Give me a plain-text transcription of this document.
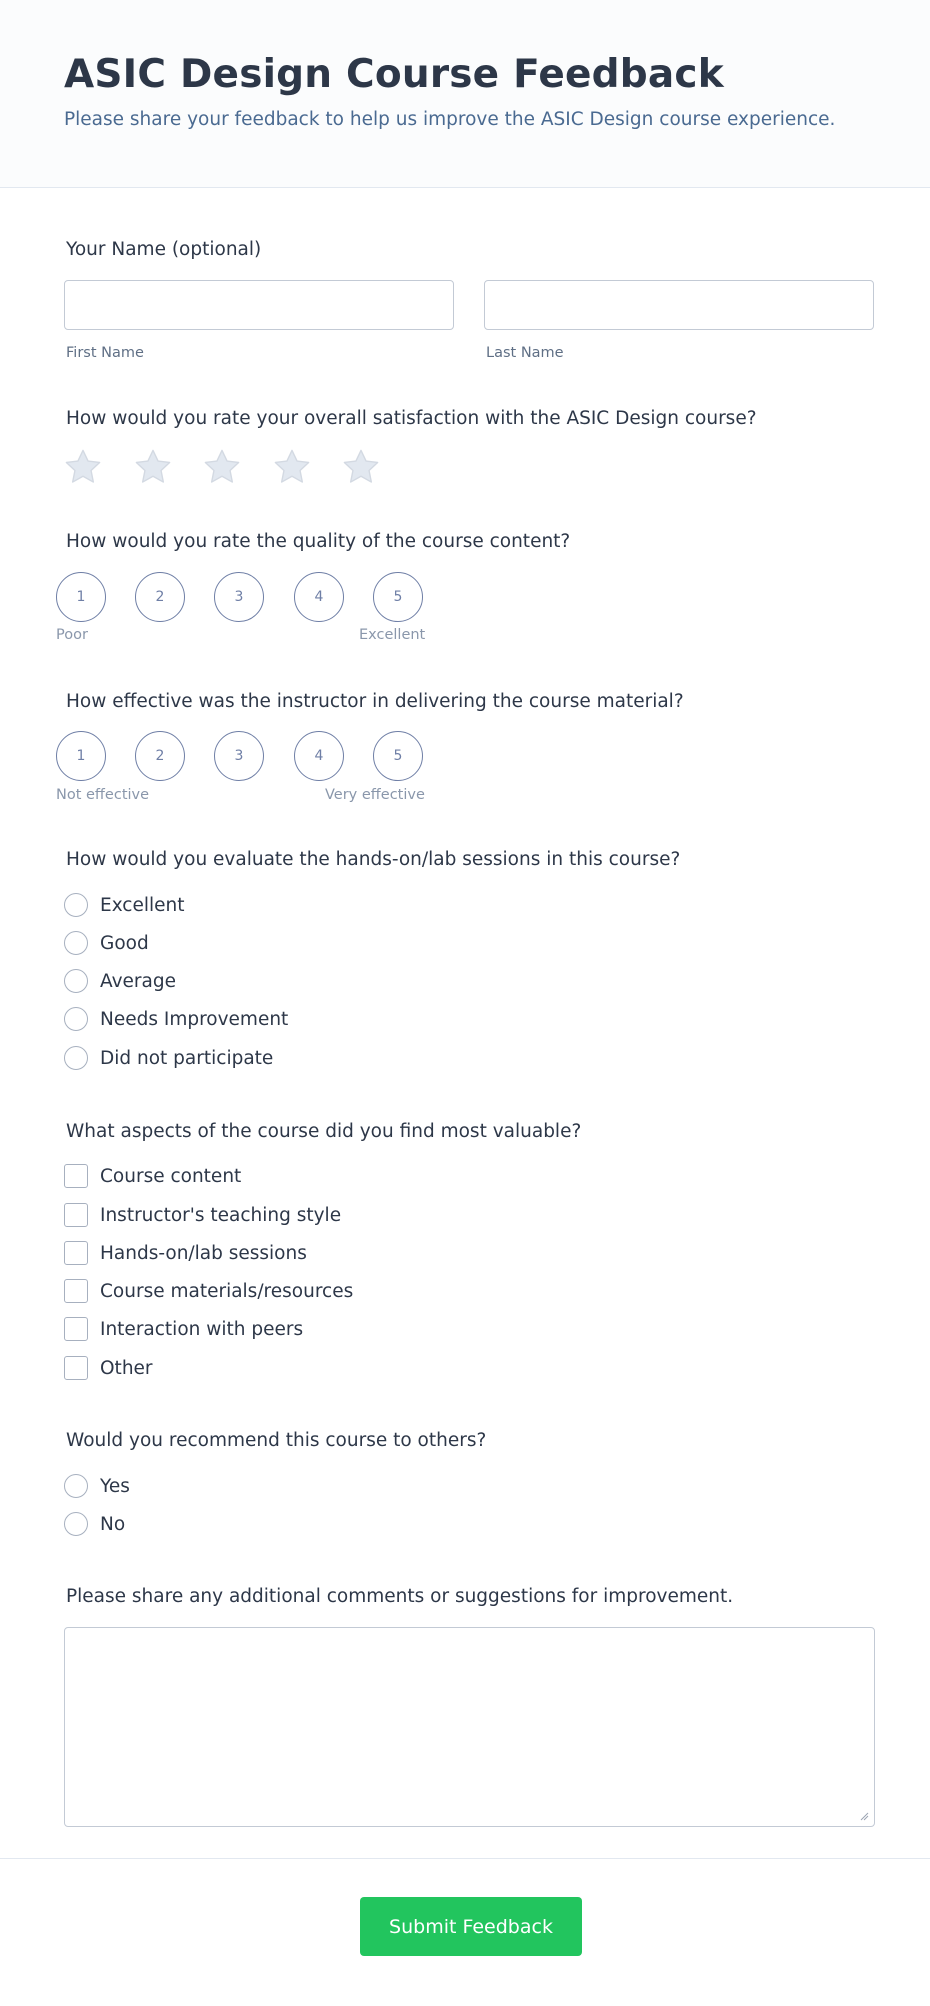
ASIC Design Course Feedback
Please share your feedback to help us improve the ASIC Design course experience.
Your Name (optional)
First Name	Last Name
How would you rate your overall satisfaction with the ASIC Design course?
How would you rate the quality of the course content?
1	2	3	4	5
Poor	Excellent
How effective was the instructor in delivering the course material?
1	2	3	4	5
Not effective	Very effective
How would you evaluate the hands-on/lab sessions in this course?
Excellent
Good
Average
Needs Improvement
Did not participate
What aspects of the course did you find most valuable?
Course content
Instructor's teaching style
Hands-on/lab sessions
Course materials/resources
Interaction with peers
Other
Would you recommend this course to others?
Yes
No
Please share any additional comments or suggestions for improvement.
Submit Feedback
